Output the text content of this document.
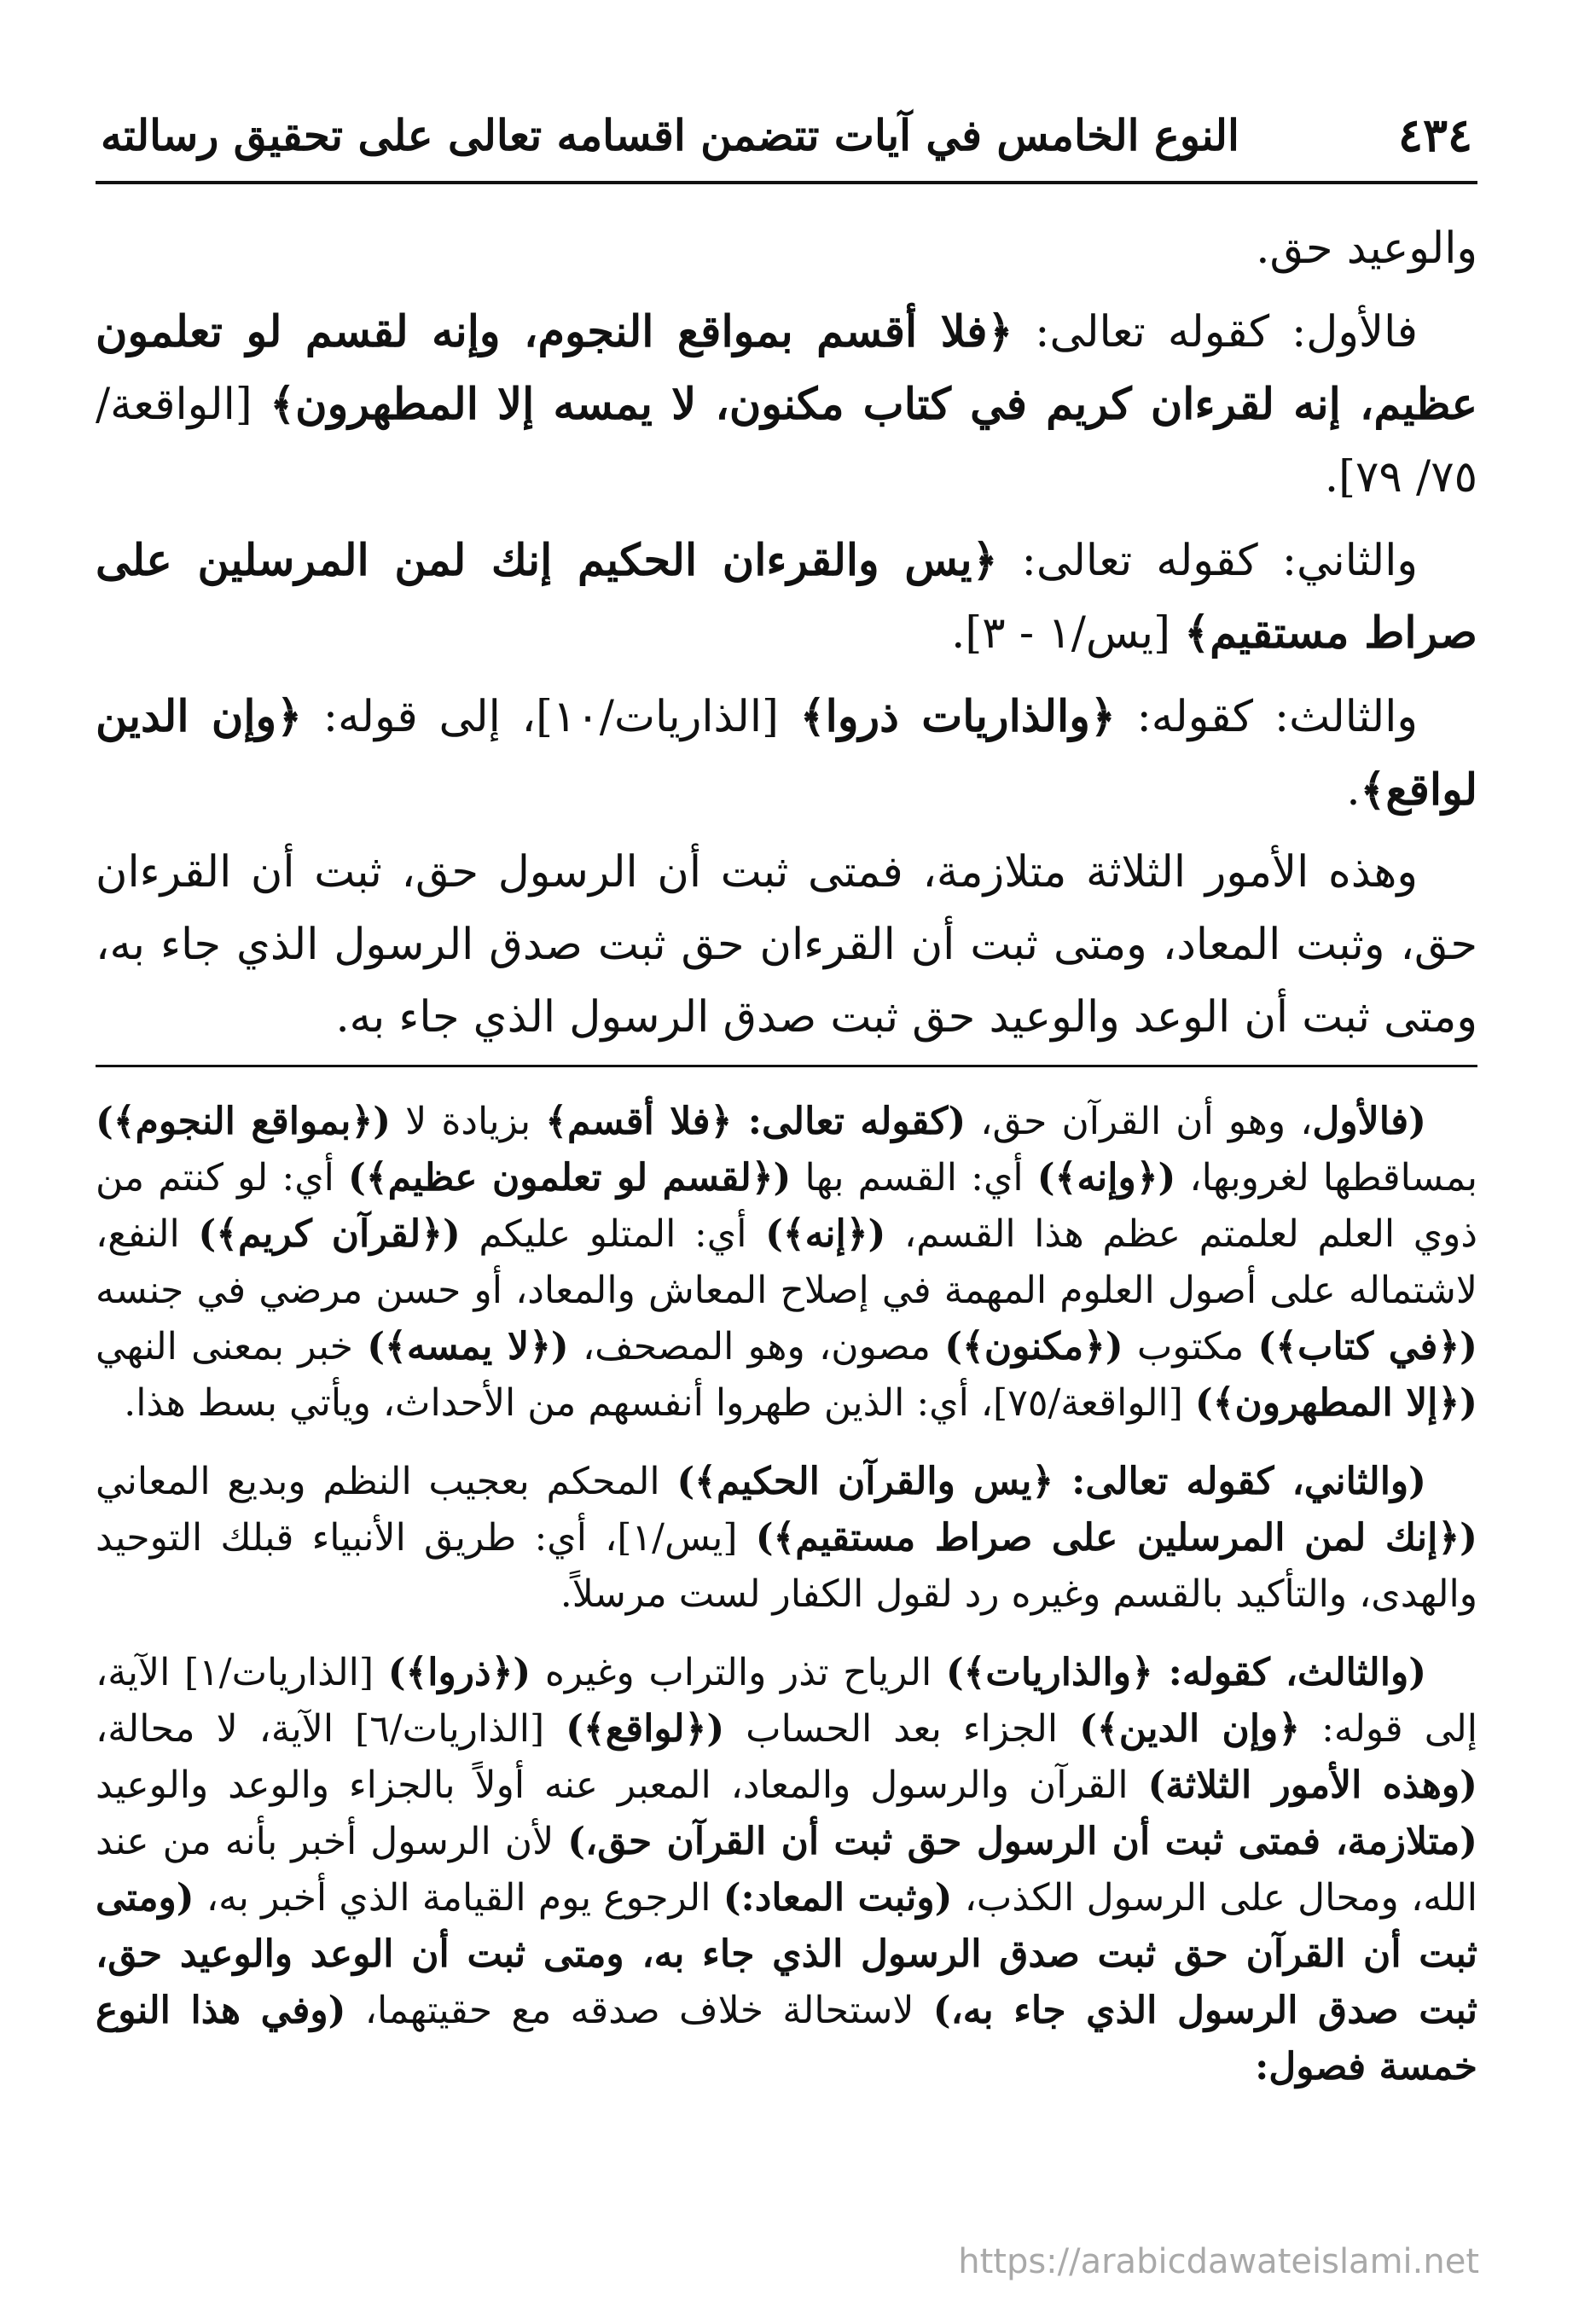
٤٣٤
النوع الخامس في آيات تتضمن اقسامه تعالى على تحقيق رسالته

والوعيد حق.

فالأول: كقوله تعالى: ﴿فلا أقسم بمواقع النجوم، وإنه لقسم لو تعلمون عظيم، إنه لقرءان كريم في كتاب مكنون، لا يمسه إلا المطهرون﴾ [الواقعة/٧٥/ ٧٩].

والثاني: كقوله تعالى: ﴿يس والقرءان الحكيم إنك لمن المرسلين على صراط مستقيم﴾ [يس/١ - ٣].

والثالث: كقوله: ﴿والذاريات ذروا﴾ [الذاريات/١٠]، إلى قوله: ﴿وإن الدين لواقع﴾.

وهذه الأمور الثلاثة متلازمة، فمتى ثبت أن الرسول حق، ثبت أن القرءان حق، وثبت المعاد، ومتى ثبت أن القرءان حق ثبت صدق الرسول الذي جاء به، ومتى ثبت أن الوعد والوعيد حق ثبت صدق الرسول الذي جاء به.

(فالأول، وهو أن القرآن حق، (كقوله تعالى: ﴿فلا أقسم﴾ بزيادة لا (﴿بمواقع النجوم﴾) بمساقطها لغروبها، (﴿وإنه﴾) أي: القسم بها (﴿لقسم لو تعلمون عظيم﴾) أي: لو كنتم من ذوي العلم لعلمتم عظم هذا القسم، (﴿إنه﴾) أي: المتلو عليكم (﴿لقرآن كريم﴾) النفع، لاشتماله على أصول العلوم المهمة في إصلاح المعاش والمعاد، أو حسن مرضي في جنسه (﴿في كتاب﴾) مكتوب (﴿مكنون﴾) مصون، وهو المصحف، (﴿لا يمسه﴾) خبر بمعنى النهي (﴿إلا المطهرون﴾) [الواقعة/٧٥]، أي: الذين طهروا أنفسهم من الأحداث، ويأتي بسط هذا.

(والثاني، كقوله تعالى: ﴿يس والقرآن الحكيم﴾) المحكم بعجيب النظم وبديع المعاني (﴿إنك لمن المرسلين على صراط مستقيم﴾) [يس/١]، أي: طريق الأنبياء قبلك التوحيد والهدى، والتأكيد بالقسم وغيره رد لقول الكفار لست مرسلاً.

(والثالث، كقوله: ﴿والذاريات﴾) الرياح تذر والتراب وغيره (﴿ذروا﴾) [الذاريات/١] الآية، إلى قوله: ﴿وإن الدين﴾) الجزاء بعد الحساب (﴿لواقع﴾) [الذاريات/٦] الآية، لا محالة، (وهذه الأمور الثلاثة) القرآن والرسول والمعاد، المعبر عنه أولاً بالجزاء والوعد والوعيد (متلازمة، فمتى ثبت أن الرسول حق ثبت أن القرآن حق،) لأن الرسول أخبر بأنه من عند الله، ومحال على الرسول الكذب، (وثبت المعاد:) الرجوع يوم القيامة الذي أخبر به، (ومتى ثبت أن القرآن حق ثبت صدق الرسول الذي جاء به، ومتى ثبت أن الوعد والوعيد حق، ثبت صدق الرسول الذي جاء به،) لاستحالة خلاف صدقه مع حقيتهما، (وفي هذا النوع خمسة فصول:

https://arabicdawateislami.net
